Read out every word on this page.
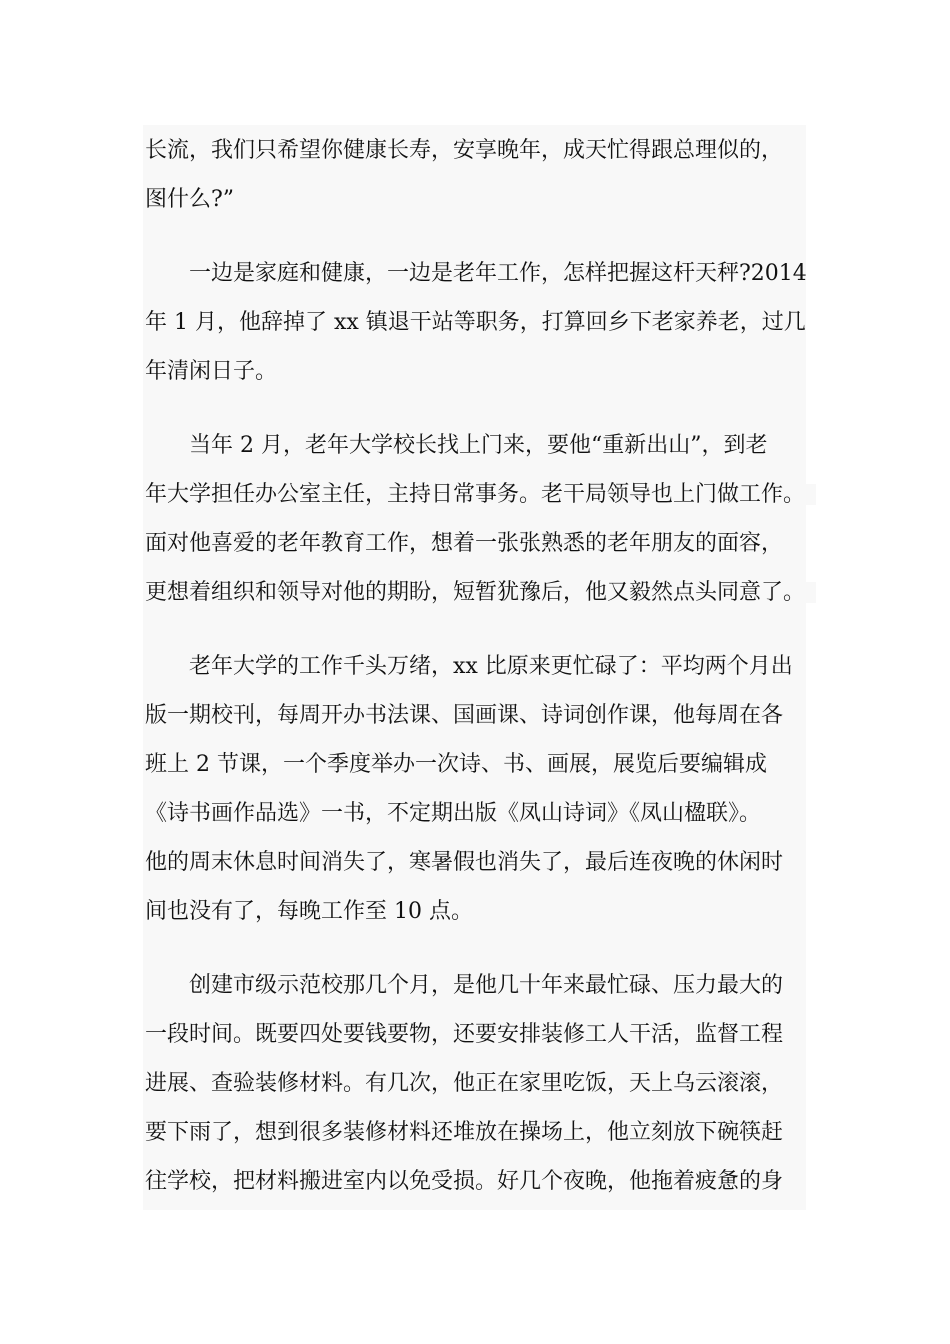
长流，我们只希望你健康长寿，安享晚年，成天忙得跟总理似的，
图什么?”
一边是家庭和健康，一边是老年工作，怎样把握这杆天秤?2014
年 1 月，他辞掉了 xx 镇退干站等职务，打算回乡下老家养老，过几
年清闲日子。
当年 2 月，老年大学校长找上门来，要他“重新出山”，到老
年大学担任办公室主任，主持日常事务。老干局领导也上门做工作。
面对他喜爱的老年教育工作，想着一张张熟悉的老年朋友的面容，
更想着组织和领导对他的期盼，短暂犹豫后，他又毅然点头同意了。
老年大学的工作千头万绪，xx 比原来更忙碌了：平均两个月出
版一期校刊，每周开办书法课、国画课、诗词创作课，他每周在各
班上 2 节课，一个季度举办一次诗、书、画展，展览后要编辑成
《诗书画作品选》一书，不定期出版《凤山诗词》《凤山楹联》。
他的周末休息时间消失了，寒暑假也消失了，最后连夜晚的休闲时
间也没有了，每晚工作至 10 点。
创建市级示范校那几个月，是他几十年来最忙碌、压力最大的
一段时间。既要四处要钱要物，还要安排装修工人干活，监督工程
进展、查验装修材料。有几次，他正在家里吃饭，天上乌云滚滚，
要下雨了，想到很多装修材料还堆放在操场上，他立刻放下碗筷赶
往学校，把材料搬进室内以免受损。好几个夜晚，他拖着疲惫的身
